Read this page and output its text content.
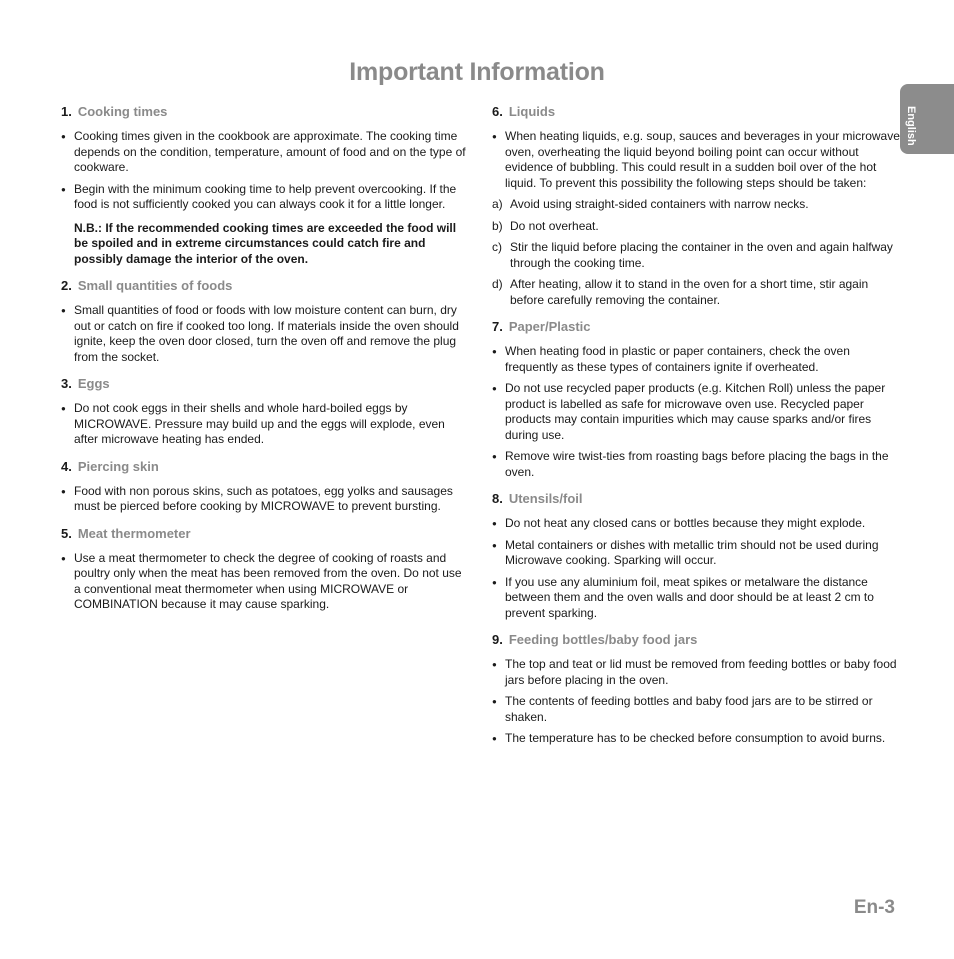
Important Information
English
1. Cooking times

● Cooking times given in the cookbook are approximate. The cooking time depends on the condition, temperature, amount of food and on the type of cookware.

● Begin with the minimum cooking time to help prevent overcooking. If the food is not sufficiently cooked you can always cook it for a little longer.

N.B.: If the recommended cooking times are exceeded the food will be spoiled and in extreme circumstances could catch fire and possibly damage the interior of the oven.

2. Small quantities of foods

● Small quantities of food or foods with low moisture content can burn, dry out or catch on fire if cooked too long. If materials inside the oven should ignite, keep the oven door closed, turn the oven off and remove the plug from the socket.

3. Eggs

● Do not cook eggs in their shells and whole hard-boiled eggs by MICROWAVE. Pressure may build up and the eggs will explode, even after microwave heating has ended.

4. Piercing skin

● Food with non porous skins, such as potatoes, egg yolks and sausages must be pierced before cooking by MICROWAVE to prevent bursting.

5. Meat thermometer

● Use a meat thermometer to check the degree of cooking of roasts and poultry only when the meat has been removed from the oven. Do not use a conventional meat thermometer when using MICROWAVE or COMBINATION because it may cause sparking.

6. Liquids

● When heating liquids, e.g. soup, sauces and beverages in your microwave oven, overheating the liquid beyond boiling point can occur without evidence of bubbling. This could result in a sudden boil over of the hot liquid. To prevent this possibility the following steps should be taken:

a) Avoid using straight-sided containers with narrow necks.
b) Do not overheat.
c) Stir the liquid before placing the container in the oven and again halfway through the cooking time.
d) After heating, allow it to stand in the oven for a short time, stir again before carefully removing the container.
7. Paper/Plastic

● When heating food in plastic or paper containers, check the oven frequently as these types of containers ignite if overheated.

● Do not use recycled paper products (e.g. Kitchen Roll) unless the paper product is labelled as safe for microwave oven use. Recycled paper products may contain impurities which may cause sparks and/or fires during use.

● Remove wire twist-ties from roasting bags before placing the bags in the oven.

8. Utensils/foil

● Do not heat any closed cans or bottles because they might explode.

● Metal containers or dishes with metallic trim should not be used during Microwave cooking. Sparking will occur.

● If you use any aluminium foil, meat spikes or metalware the distance between them and the oven walls and door should be at least 2 cm to prevent sparking.

9. Feeding bottles/baby food jars

● The top and teat or lid must be removed from feeding bottles or baby food jars before placing in the oven.

● The contents of feeding bottles and baby food jars are to be stirred or shaken.

● The temperature has to be checked before consumption to avoid burns.

En-3
